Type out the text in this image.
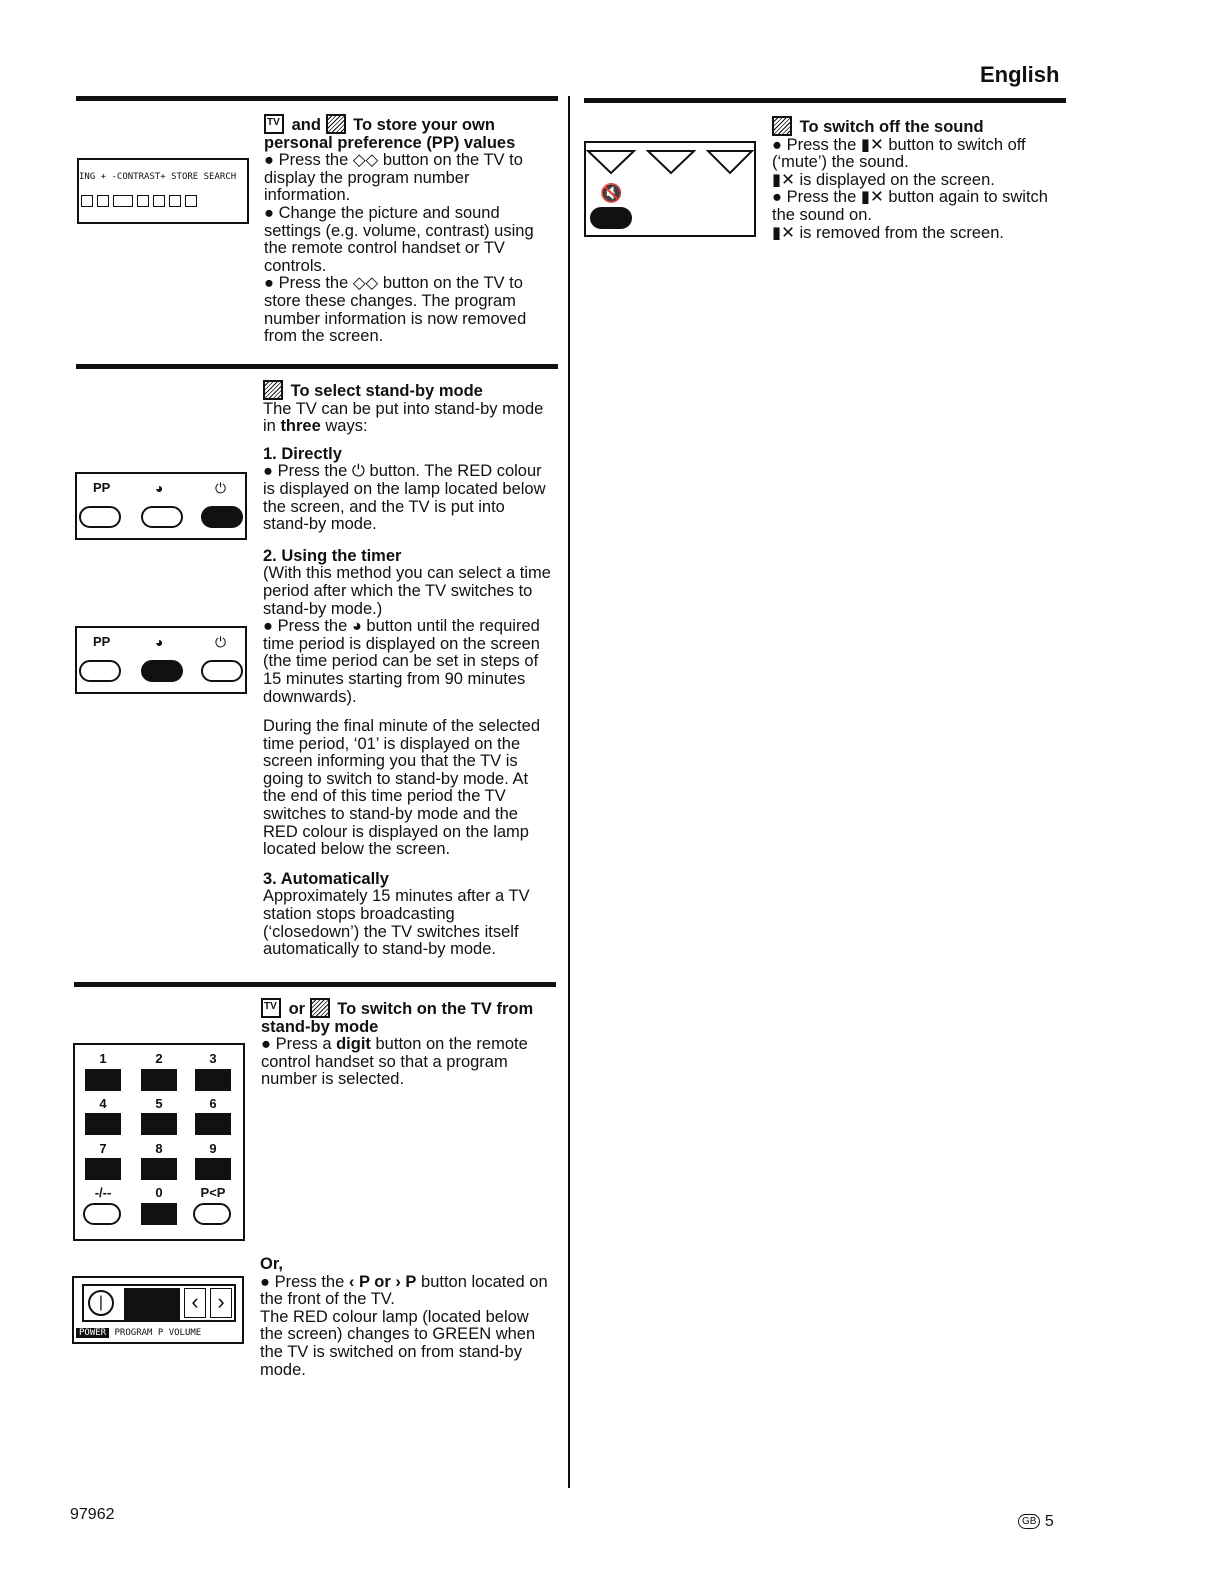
English
ING + -CONTRAST+ STORE SEARCH
TV and To store your own personal preference (PP) values
● Press the ◇◇ button on the TV to display the program number information.
● Change the picture and sound settings (e.g. volume, contrast) using the remote control handset or TV controls.
● Press the ◇◇ button on the TV to store these changes. The program number information is now removed from the screen.
To select stand-by mode
The TV can be put into stand-by mode in three ways:
1. Directly
● Press the ⏻ button. The RED colour is displayed on the lamp located below the screen, and the TV is put into stand-by mode.
2. Using the timer
(With this method you can select a time period after which the TV switches to stand-by mode.)
● Press the ◕ button until the required time period is displayed on the screen (the time period can be set in steps of 15 minutes starting from 90 minutes downwards).
During the final minute of the selected time period, ‘01’ is displayed on the screen informing you that the TV is going to switch to stand-by mode. At the end of this time period the TV switches to stand-by mode and the RED colour is displayed on the lamp located below the screen.
3. Automatically
Approximately 15 minutes after a TV station stops broadcasting (‘closedown’) the TV switches itself automatically to stand-by mode.
PP	◕	⏻
PP	◕	⏻
TV or To switch on the TV from stand-by mode
● Press a digit button on the remote control handset so that a program number is selected.
1	2	3
4	5	6
7	8	9
-/--	0	P<P
Or,
● Press the ‹ P or › P button located on the front of the TV.
The RED colour lamp (located below the screen) changes to GREEN when the TV is switched on from stand-by mode.
|	‹ ›
POWER PROGRAM P VOLUME
🔇
To switch off the sound
● Press the ▮✕ button to switch off (‘mute’) the sound.
▮✕ is displayed on the screen.
● Press the ▮✕ button again to switch the sound on.
▮✕ is removed from the screen.
97962	GB 5
